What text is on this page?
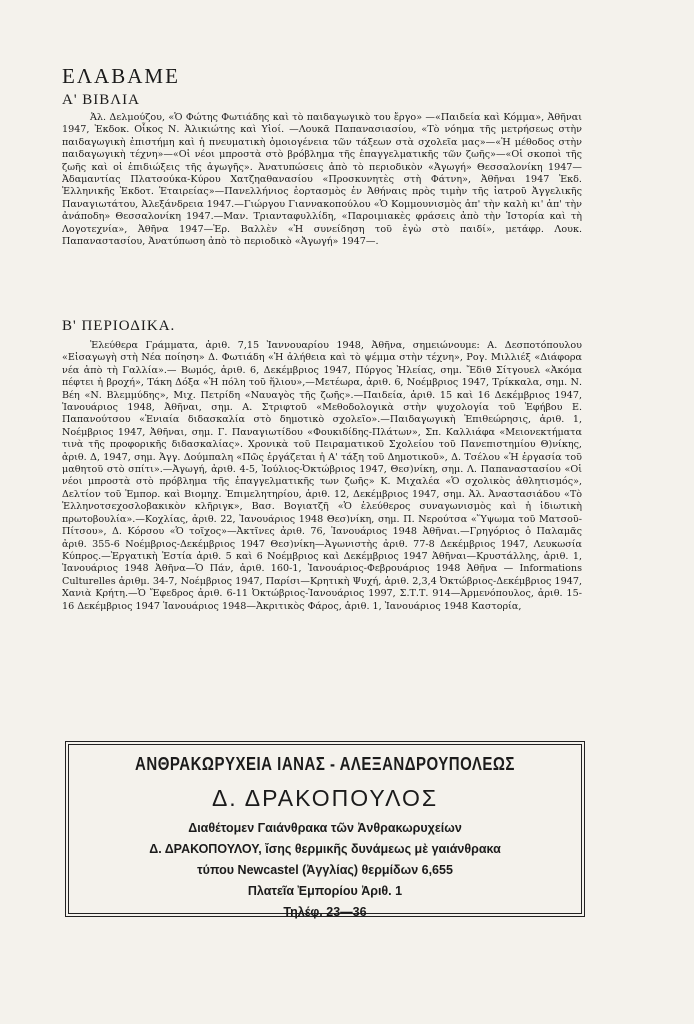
ΕΛΑΒΑΜΕ
Α' ΒΙΒΛΙΑ

Ἀλ. Δελμούζου, «Ὁ Φώτης Φωτιάδης καὶ τὸ παιδαγωγικὸ του ἔργο» —«Παιδεία καὶ Κόμμα», Ἀθῆναι 1947, Ἐκδοκ. Οἶκος Ν. Ἀλικιώτης καὶ Υἱοί. —Λουκᾶ Παπανασιασίου, «Τὸ νόημα τῆς μετρήσεως στὴν παιδαγωγικὴ ἐπιστήμη καὶ ἡ πνευματικὴ ὁμοιογένεια τῶν τάξεων στὰ σχολεῖα μας»—«Ἡ μέθοδος στὴν παιδαγωγικὴ τέχνη»—«Οἱ νέοι μπροστὰ στὸ βρόβλημα τῆς ἐπαγγελματικῆς τῶν ζωῆς»—«Οἱ σκοποὶ τῆς ζωῆς καὶ οἱ ἐπιδιώξεις τῆς ἀγωγῆς». Ἀνατυπώσεις ἀπὸ τὸ περιοδικὸν «Ἀγωγή» Θεσσαλονίκη 1947—Ἀδαμαντίας Πλατσούκα-Κύρου Χατζηαθανασίου «Προσκυνητὲς στὴ Φάτνη», Ἀθῆναι 1947 Ἐκδ. Ἑλληνικῆς Ἐκδοτ. Ἑταιρείας»—Πανελλήνιος ἑορτασμὸς ἐν Ἀθήναις πρὸς τιμὴν τῆς ἰατροῦ Ἀγγελικῆς Παναγιωτάτου, Ἀλεξάνδρεια 1947.—Γιώργου Γιαννακοπούλου «Ὁ Κομμουνισμὸς ἀπ' τὴν καλὴ κι' ἀπ' τὴν ἀνάποδη» Θεσσαλονίκη 1947.—Μαν. Τριανταφυλλίδη, «Παροιμιακὲς φράσεις ἀπὸ τὴν Ἱστορία καὶ τὴ Λογοτεχνία», Ἀθῆνα 1947—Ἐρ. Βαλλὲν «Ἡ συνείδηση τοῦ ἐγὼ στὸ παιδί», μετάφρ. Λουκ. Παπαναστασίου, Ἀνατύπωση ἀπὸ τὸ περιοδικὸ «Ἀγωγή» 1947—.

Β' ΠΕΡΙΟΔΙΚΑ.

Ἐλεύθερα Γράμματα, ἀριθ. 7,15 Ἰαννουαρίου 1948, Ἀθῆνα, σημειώνουμε: Α. Δεσποτόπουλου «Εἰσαγωγὴ στὴ Νέα ποίηση» Δ. Φωτιάδη «Ἡ ἀλήθεια καὶ τὸ ψέμμα στὴν τέχνη», Ρογ. Μιλλιέξ «Διάφορα νέα ἀπὸ τὴ Γαλλία».— Βωμός, ἀριθ. 6, Δεκέμβριος 1947, Πύργος Ἠλείας, σημ. Ἔδιθ Σίτγουελ «Ἀκόμα πέφτει ἡ βροχή», Τάκη Δόξα «Ἡ πόλη τοῦ ἥλιου»,—Μετέωρα, ἀριθ. 6, Νοέμβριος 1947, Τρίκκαλα, σημ. Ν. Βέη «Ν. Βλεμμύδης», Μιχ. Πετρίδη «Ναυαγὸς τῆς ζωῆς».—Παιδεία, ἀριθ. 15 καὶ 16 Δεκέμβριος 1947, Ἰανουάριος 1948, Ἀθῆναι, σημ. Α. Στριφτοῦ «Μεθοδολογικὰ στὴν ψυχολογία τοῦ Ἐφήβου Ε. Παπανούτσου «Ἑνιαία διδασκαλία στὸ δημοτικὸ σχολεῖο».—Παιδαγωγικὴ Ἐπιθεώρησις, ἀριθ. 1, Νοέμβριος 1947, Ἀθῆναι, σημ. Γ. Παναγιωτίδου «Φουκιδίδης-Πλάτων», Σπ. Καλλιάφα «Μειονεκτήματα τινὰ τῆς προφορικῆς διδασκαλίας». Χρονικὰ τοῦ Πειραματικοῦ Σχολείου τοῦ Πανεπιστημίου Θ)νίκης, ἀριθ. Δ, 1947, σημ. Ἀγγ. Δούμπαλη «Πῶς ἐργάζεται ἡ Α' τάξη τοῦ Δημοτικοῦ», Δ. Τσέλου «Ἡ ἐργασία τοῦ μαθητοῦ στὸ σπίτι».—Ἀγωγή, ἀριθ. 4-5, Ἰούλιος-Ὀκτώβριος 1947, Θεσ)νίκη, σημ. Λ. Παπαναστασίου «Οἱ νέοι μπροστὰ στὸ πρόβλημα τῆς ἐπαγγελματικῆς των ζωῆς» Κ. Μιχαλέα «Ὁ σχολικὸς ἀθλητισμός», Δελτίον τοῦ Ἐμπορ. καὶ Βιομηχ. Ἐπιμελητηρίου, ἀριθ. 12, Δεκέμβριος 1947, σημ. Ἀλ. Ἀναστασιάδου «Τὸ Ἑλληνοτσεχοσλοβακικὸν κλῆριγκ», Βασ. Βογιατζῆ «Ὁ ἐλεύθερος συναγωνισμὸς καὶ ἡ ἰδιωτικὴ πρωτοβουλία».—Κοχλίας, ἀριθ. 22, Ἰανουάριος 1948 Θεσ)νίκη, σημ. Π. Νερούτσα «Ὕψωμα τοῦ Ματσοῦ-Πίτσου», Δ. Κόρσου «Ὁ τοῖχος»—Ἀκτῖνες ἀριθ. 76, Ἰανουάριος 1948 Ἀθῆναι.—Γρηγόριος ὁ Παλαμᾶς ἀριθ. 355-6 Νοέμβριος-Δεκέμβριος 1947 Θεσ)νίκη—Ἀγωνιστὴς ἀριθ. 77-8 Δεκέμβριος 1947, Λευκωσία Κύπρος.—Ἐργατικὴ Ἑστία ἀριθ. 5 καὶ 6 Νοέμβριος καὶ Δεκέμβριος 1947 Ἀθῆναι—Κρυστάλλης, ἀριθ. 1, Ἰανουάριος 1948 Ἀθῆνα—Ὁ Πάν, ἀριθ. 160-1, Ἰανουάριος-Φεβρουάριος 1948 Ἀθῆνα — Informations Culturelles ἀριθμ. 34-7, Νοέμβριος 1947, Παρίσι—Κρητικὴ Ψυχή, ἀριθ. 2,3,4 Ὀκτώβριος-Δεκέμβριος 1947, Χανιὰ Κρήτη.—Ὁ Ἔφεδρος ἀριθ. 6-11 Ὀκτώβριος-Ἰανουάριος 1997, Σ.Τ.Τ. 914—Ἀρμενόπουλος, ἀριθ. 15-16 Δεκέμβριος 1947 Ἰανουάριος 1948—Ἀκριτικὸς Φάρος, ἀριθ. 1, Ἰανουάριος 1948 Καστορία,

ΑΝΘΡΑΚΩΡΥΧΕΙΑ ΙΑΝΑΣ - ΑΛΕΞΑΝΔΡΟΥΠΟΛΕΩΣ
Δ. ΔΡΑΚΟΠΟΥΛΟΣ
Διαθέτομεν Γαιάνθρακα τῶν Ἀνθρακωρυχείων
Δ. ΔΡΑΚΟΠΟΥΛΟΥ, ἴσης θερμικῆς δυνάμεως μὲ γαιάνθρακα
τύπου Newcastel (Ἀγγλίας) θερμίδων 6,655
Πλατεῖα Ἐμπορίου Ἀριθ. 1
Τηλέφ. 23—36
